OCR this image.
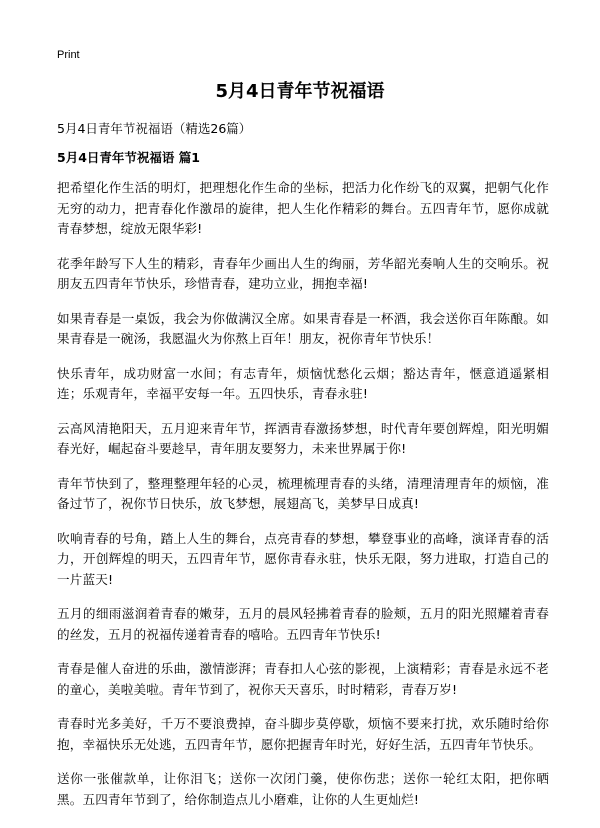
Print
5月4日青年节祝福语
5月4日青年节祝福语（精选26篇）
5月4日青年节祝福语 篇1

把希望化作生活的明灯，把理想化作生命的坐标，把活力化作纷飞的双翼，把朝气化作无穷的动力，把青春化作激昂的旋律，把人生化作精彩的舞台。五四青年节，愿你成就青春梦想，绽放无限华彩!

花季年龄写下人生的精彩，青春年少画出人生的绚丽，芳华韶光奏响人生的交响乐。祝朋友五四青年节快乐，珍惜青春，建功立业，拥抱幸福!

如果青春是一桌饭，我会为你做满汉全席。如果青春是一杯酒，我会送你百年陈酿。如果青春是一碗汤，我愿温火为你熬上百年！朋友，祝你青年节快乐！

快乐青年，成功财富一水间；有志青年，烦恼忧愁化云烟；豁达青年，惬意逍遥紧相连；乐观青年，幸福平安每一年。五四快乐，青春永驻!

云高风清艳阳天，五月迎来青年节，挥洒青春激扬梦想，时代青年要创辉煌，阳光明媚春光好，崛起奋斗要趁早，青年朋友要努力，未来世界属于你!

青年节快到了，整理整理年轻的心灵，梳理梳理青春的头绪，清理清理青年的烦恼，准备过节了，祝你节日快乐，放飞梦想，展翅高飞，美梦早日成真!

吹响青春的号角，踏上人生的舞台，点亮青春的梦想，攀登事业的高峰，演译青春的活力，开创辉煌的明天，五四青年节，愿你青春永驻，快乐无限，努力进取，打造自己的一片蓝天!

五月的细雨滋润着青春的嫩芽，五月的晨风轻拂着青春的脸颊，五月的阳光照耀着青春的丝发，五月的祝福传递着青春的嘻哈。五四青年节快乐!

青春是催人奋进的乐曲，激情澎湃；青春扣人心弦的影视，上演精彩；青春是永远不老的童心，美啦美啦。青年节到了，祝你天天喜乐，时时精彩，青春万岁!

青春时光多美好，千万不要浪费掉，奋斗脚步莫停歇，烦恼不要来打扰，欢乐随时给你抱，幸福快乐无处逃，五四青年节，愿你把握青年时光，好好生活，五四青年节快乐。

送你一张催款单，让你泪飞；送你一次闭门羹，使你伤悲；送你一轮红太阳，把你晒黑。五四青年节到了，给你制造点儿小磨难，让你的人生更灿烂!
